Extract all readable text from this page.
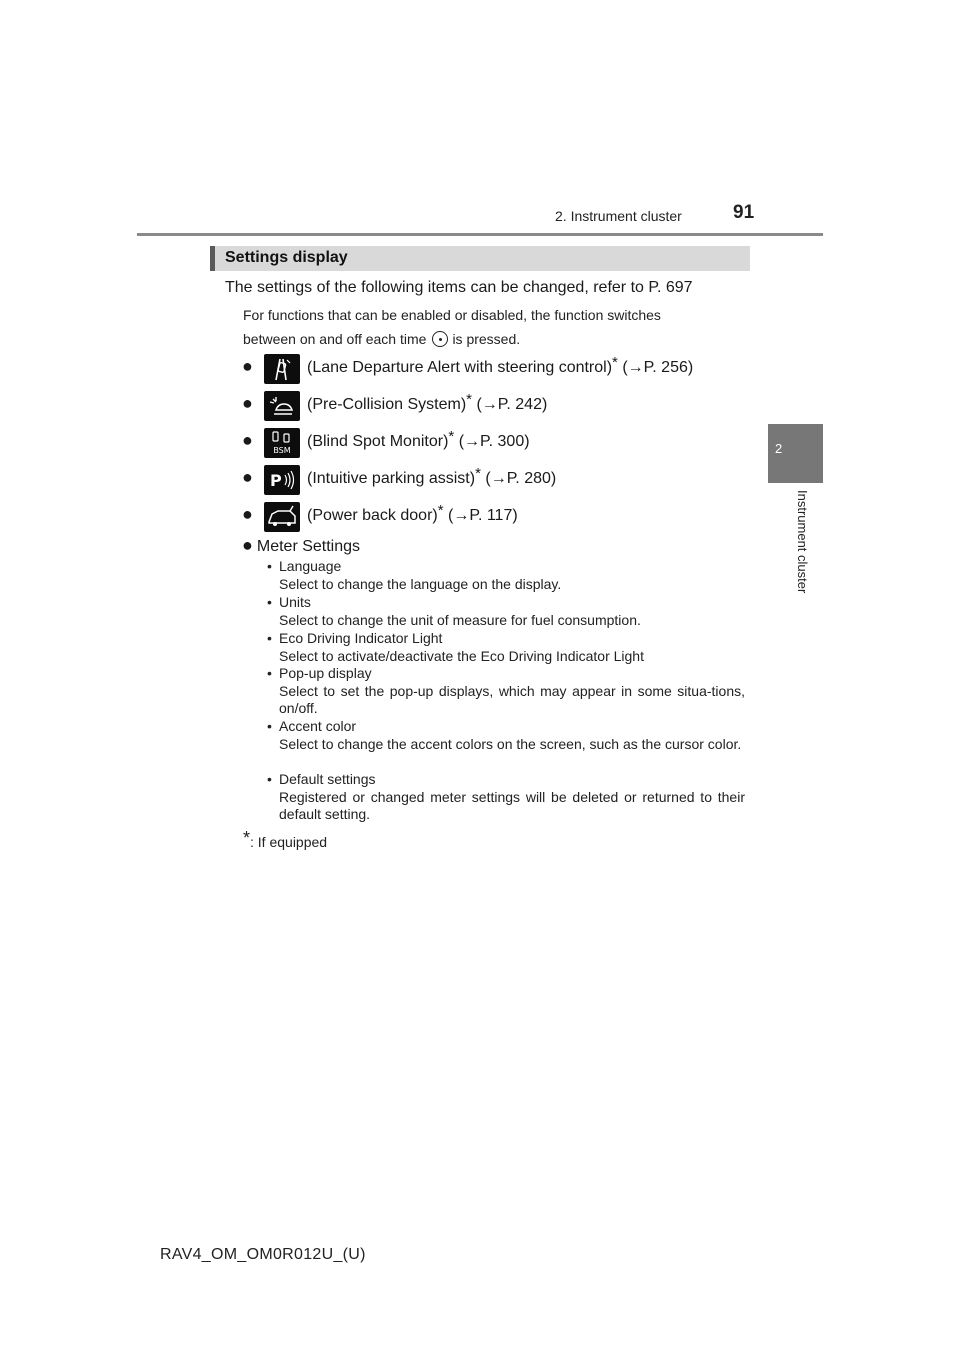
2. Instrument cluster	91
2
Instrument cluster
Settings display
The settings of the following items can be changed, refer to P. 697
For functions that can be enabled or disabled, the function switches
between on and off each time is pressed.
●	(Lane Departure Alert with steering control)* (→P. 256)
●	(Pre-Collision System)* (→P. 242)
●
BSM
(Blind Spot Monitor)* (→P. 300)
● P (Intuitive parking assist)* (→P. 280)
●	(Power back door)* (→P. 117)
● Meter Settings
• Language
Select to change the language on the display.
• Units
Select to change the unit of measure for fuel consumption.
• Eco Driving Indicator Light
Select to activate/deactivate the Eco Driving Indicator Light
• Pop-up display
Select to set the pop-up displays, which may appear in some situa-tions, on/off.
• Accent color
Select to change the accent colors on the screen, such as the cursor color.
• Default settings
Registered or changed meter settings will be deleted or returned to their default setting.
*: If equipped
RAV4_OM_OM0R012U_(U)
